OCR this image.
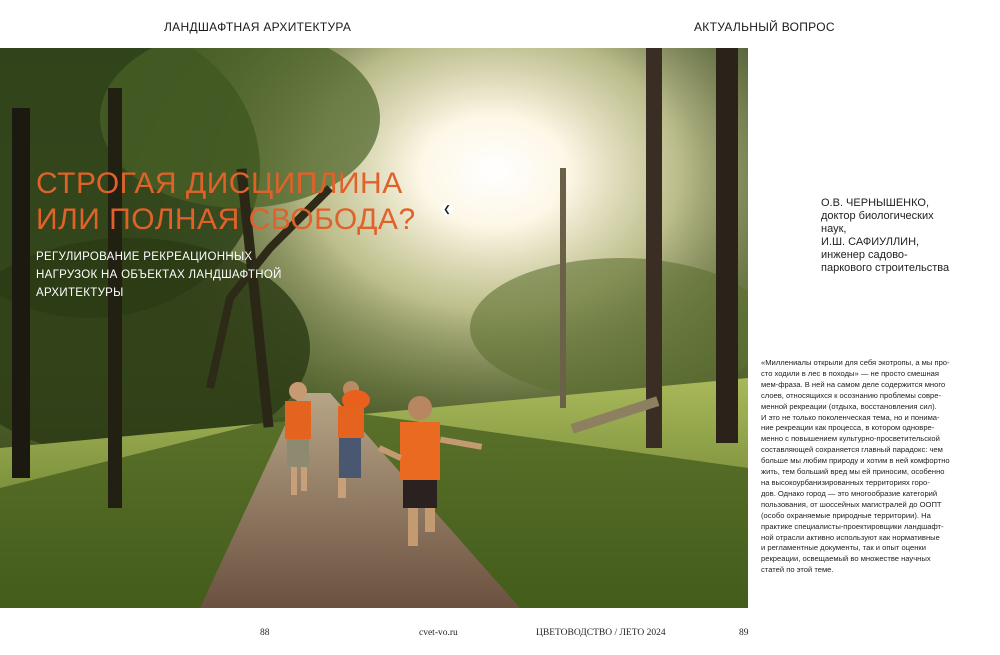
ЛАНДШАФТНАЯ АРХИТЕКТУРА	АКТУАЛЬНЫЙ ВОПРОС
СТРОГАЯ ДИСЦИПЛИНА
ИЛИ ПОЛНАЯ СВОБОДА?	❮
РЕГУЛИРОВАНИЕ РЕКРЕАЦИОННЫХ
НАГРУЗОК НА ОБЪЕКТАХ ЛАНДШАФТНОЙ
АРХИТЕКТУРЫ
О.В. ЧЕРНЫШЕНКО,
доктор биологических
наук,
И.Ш. САФИУЛЛИН,
инженер садово-
паркового строительства
«Миллениалы открыли для себя экотропы, а мы про-
сто ходили в лес в походы» — не просто смешная
мем-фраза. В ней на самом деле содержится много
слоев, относящихся к осознанию проблемы совре-
менной рекреации (отдыха, восстановления сил).
И это не только поколенческая тема, но и понима-
ние рекреации как процесса, в котором одновре-
менно с повышением культурно-просветительской
составляющей сохраняется главный парадокс: чем
больше мы любим природу и хотим в ней комфортно
жить, тем больший вред мы ей приносим, особенно
на высокоурбанизированных территориях горо-
дов. Однако город — это многообразие категорий
пользования, от шоссейных магистралей до ООПТ
(особо охраняемые природные территории). На
практике специалисты-проектировщики ландшафт-
ной отрасли активно используют как нормативные
и регламентные документы, так и опыт оценки
рекреации, освещаемый во множестве научных
статей по этой теме.
88	cvet-vo.ru	ЦВЕТОВОДСТВО / ЛЕТО 2024	89
